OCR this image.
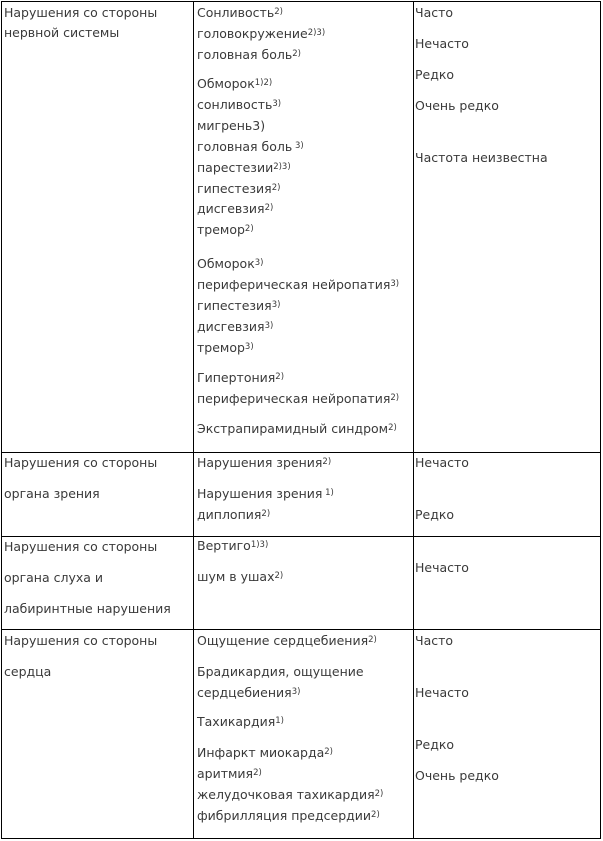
Нарушения со стороны
нервной системы
Сонливость$^{2)}$
головокружение$^{2)3)}$
головная боль$^{2)}$
Обморок$^{1)2)}$
сонливость$^{3)}$
мигрень3)
головная боль $^{3)}$
парестезии$^{2)3)}$
гипестезия$^{2)}$
дисгевзия$^{2)}$
тремор$^{2)}$
Обморок$^{3)}$
периферическая нейропатия$^{3)}$
гипестезия$^{3)}$
дисгевзия$^{3)}$
тремор$^{3)}$
Гипертония$^{2)}$
периферическая нейропатия$^{2)}$
Экстрапирамидный синдром$^{2)}$
Часто
Нечасто
Редко
Очень редко
Частота неизвестна
Нарушения со стороны
органа зрения
Нарушения зрения$^{2)}$
Нарушения зрения $^{1)}$
диплопия$^{2)}$
Нечасто
Редко
Нарушения со стороны
органа слуха и
лабиринтные нарушения
Вертиго$^{1)3)}$
шум в ушах$^{2)}$
Нечасто
Нарушения со стороны
сердца
Ощущение сердцебиения$^{2)}$
Брадикардия, ощущение
сердцебиения$^{3)}$
Тахикардия$^{1)}$
Инфаркт миокарда$^{2)}$
аритмия$^{2)}$
желудочковая тахикардия$^{2)}$
фибрилляция предсердии$^{2)}$
Часто
Нечасто
Редко
Очень редко
